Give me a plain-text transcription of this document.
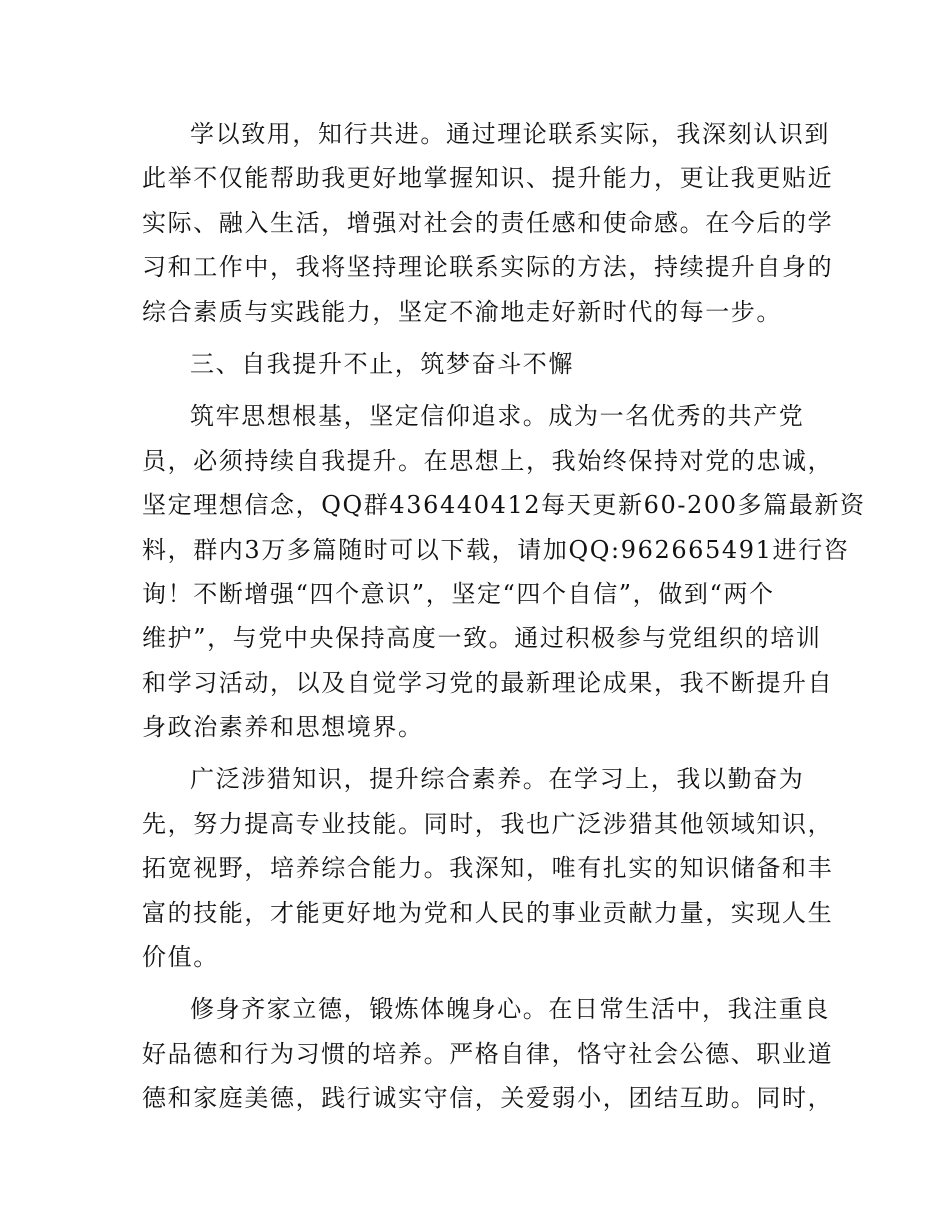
学以致用，知行共进。通过理论联系实际，我深刻认识到
此举不仅能帮助我更好地掌握知识、提升能力，更让我更贴近
实际、融入生活，增强对社会的责任感和使命感。在今后的学
习和工作中，我将坚持理论联系实际的方法，持续提升自身的
综合素质与实践能力，坚定不渝地走好新时代的每一步。
三、自我提升不止，筑梦奋斗不懈
筑牢思想根基，坚定信仰追求。成为一名优秀的共产党
员，必须持续自我提升。在思想上，我始终保持对党的忠诚，
坚定理想信念，QQ群436440412每天更新60-200多篇最新资
料，群内3万多篇随时可以下载，请加QQ:962665491进行咨
询！不断增强“四个意识”，坚定“四个自信”，做到“两个
维护”，与党中央保持高度一致。通过积极参与党组织的培训
和学习活动，以及自觉学习党的最新理论成果，我不断提升自
身政治素养和思想境界。
广泛涉猎知识，提升综合素养。在学习上，我以勤奋为
先，努力提高专业技能。同时，我也广泛涉猎其他领域知识，
拓宽视野，培养综合能力。我深知，唯有扎实的知识储备和丰
富的技能，才能更好地为党和人民的事业贡献力量，实现人生
价值。
修身齐家立德，锻炼体魄身心。在日常生活中，我注重良
好品德和行为习惯的培养。严格自律，恪守社会公德、职业道
德和家庭美德，践行诚实守信，关爱弱小，团结互助。同时，
